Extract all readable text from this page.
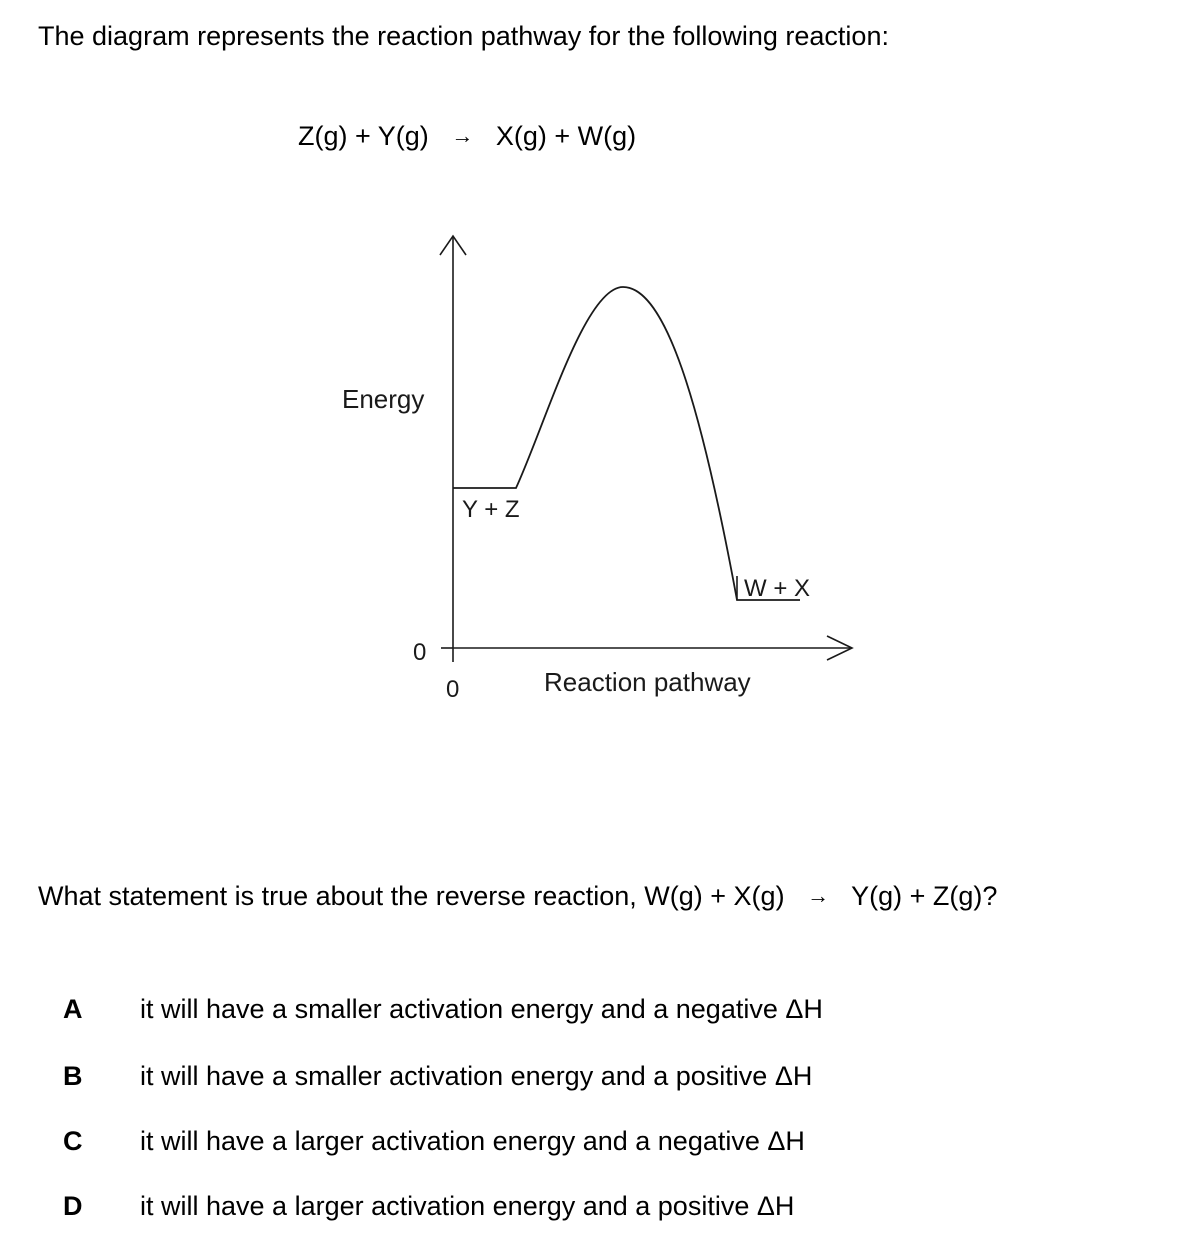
The diagram represents the reaction pathway for the following reaction:

Z(g) + Y(g) → X(g) + W(g)
Energy
0
0	Reaction pathway
Y + Z
W + X

What statement is true about the reverse reaction, W(g) + X(g) → Y(g) + Z(g)?

A	it will have a smaller activation energy and a negative ΔH
B	it will have a smaller activation energy and a positive ΔH
C	it will have a larger activation energy and a negative ΔH
D	it will have a larger activation energy and a positive ΔH
